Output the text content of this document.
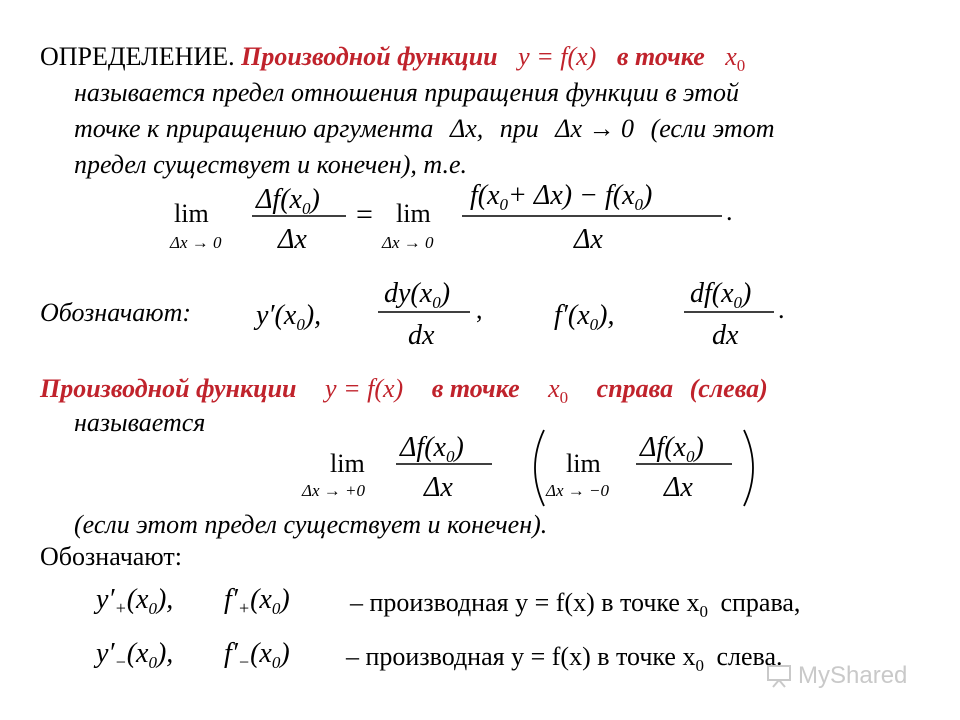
ОПРЕДЕЛЕНИЕ. Производной функции y = f(x) в точке $x_0$
называется предел отношения приращения функции в этой
точке к приращению аргумента Δx, при Δx → 0 (если этот
предел существует и конечен), т.е.
lim
Δx → 0
$\Delta f(x_0)$
Δx
= lim
Δx → 0
$f(x_0+ \Delta x) - f(x_0)$
Δx
.
Обозначают: $y'(x_0)$,
$dy(x_0)$
dx
,	$f'(x_0)$,
$df(x_0)$
dx
.
Производной функции y = f(x) в точке $x_0$ справа (слева)
называется
lim
Δx → +0
$\Delta f(x_0)$
Δx
lim
Δx → −0
$\Delta f(x_0)$
Δx
(если этот предел существует и конечен).
Обозначают:
$y'_+(x_0)$, $f'_+(x_0)$ – производная y = f(x) в точке $x_0$ справа,
$y'_-(x_0)$, $f'_-(x_0)$ – производная y = f(x) в точке $x_0$ слева.
MyShared
